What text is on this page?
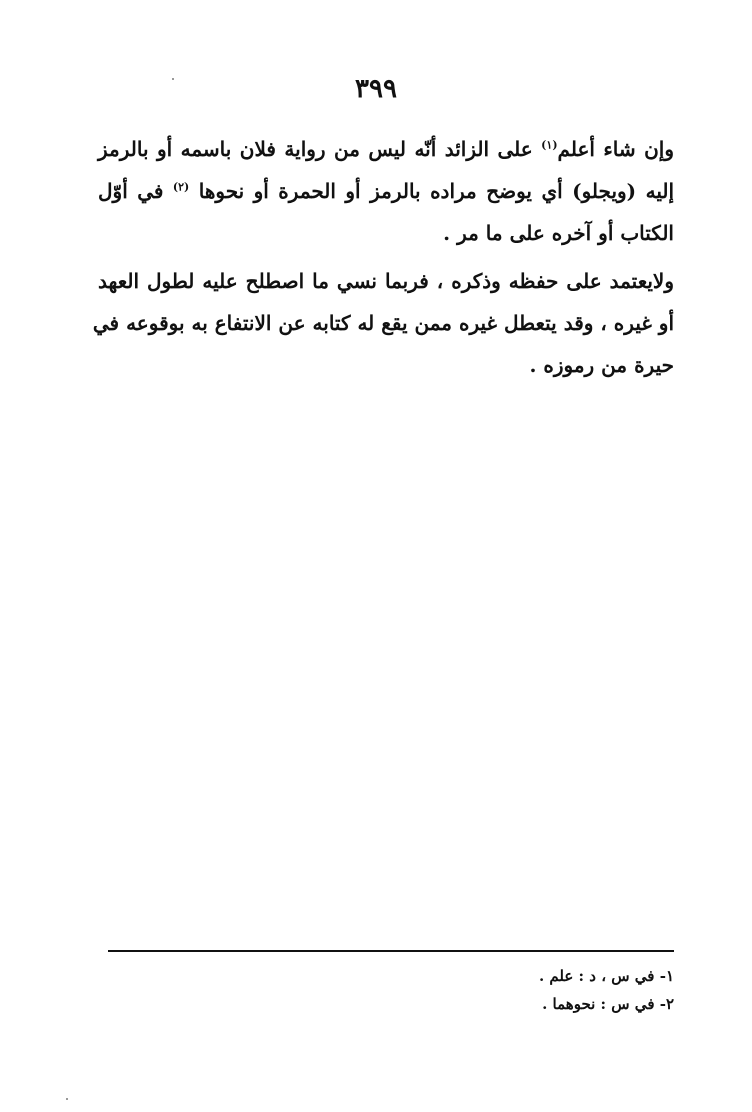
٣٩٩

وإن شاء أعلم$^{(١)}$ على الزائد أنّه ليس من رواية فلان باسمه أو بالرمز
إليه (ويجلو) أي يوضح مراده بالرمز أو الحمرة أو نحوها $^{(٢)}$ في أوّل
الكتاب أو آخره على ما مر .

ولايعتمد على حفظه وذكره ، فربما نسي ما اصطلح عليه لطول العهد
أو غيره ، وقد يتعطل غيره ممن يقع له كتابه عن الانتفاع به بوقوعه في
حيرة من رموزه .

١- في س ، د : علم .
٢- في س : نحوهما .
